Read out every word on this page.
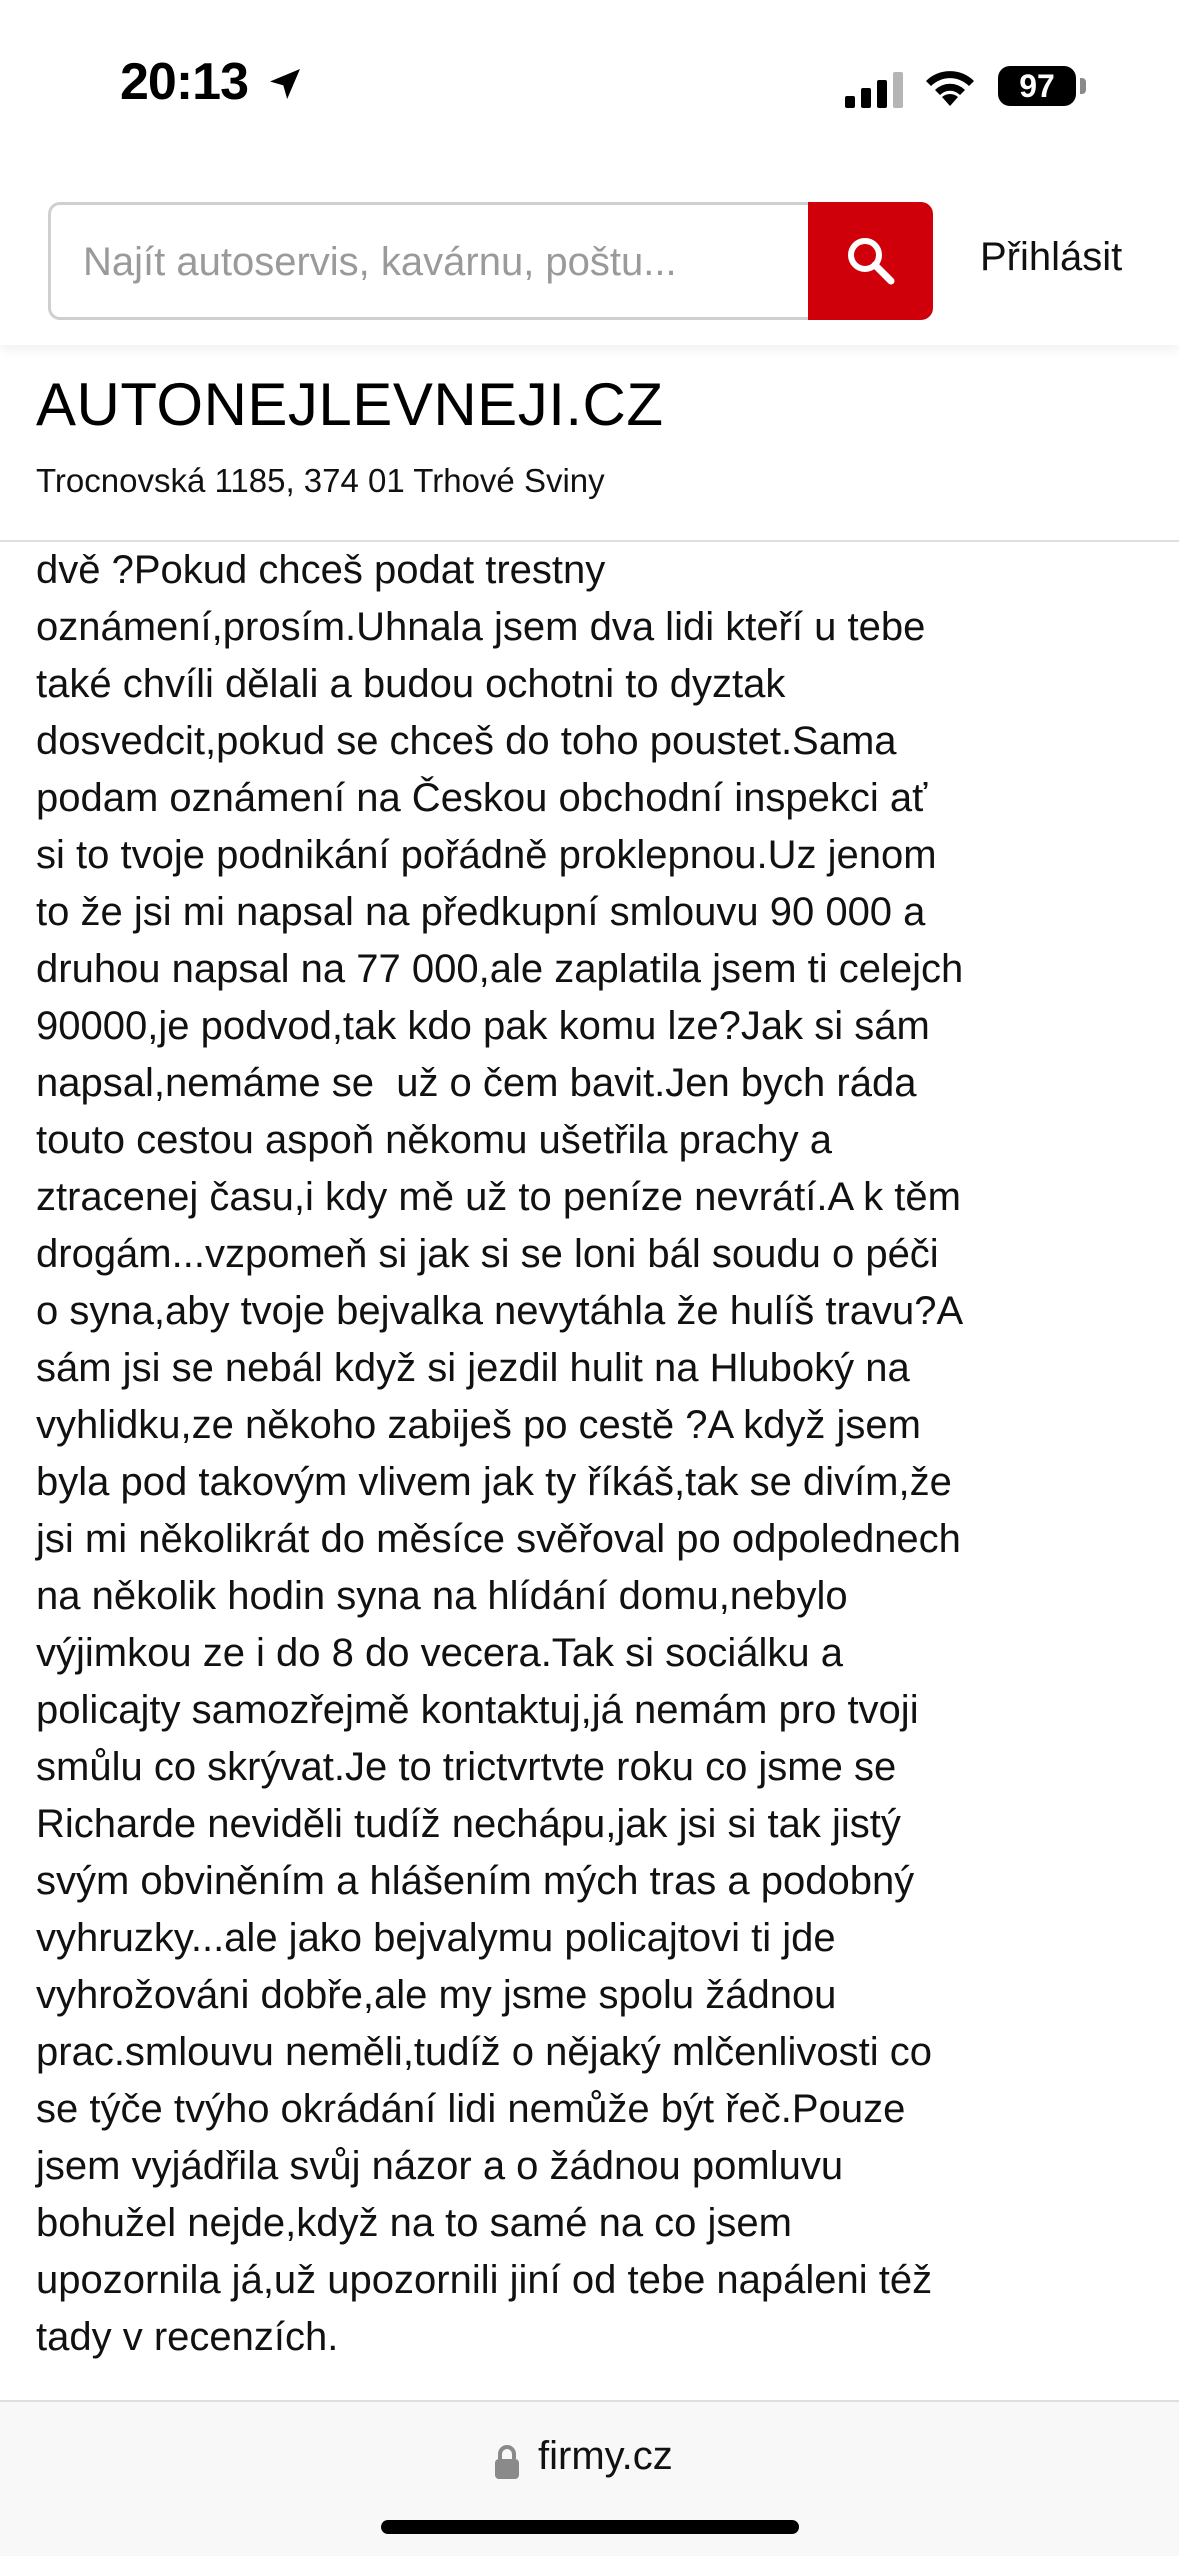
20:13	97
Najít autoservis, kavárnu, poštu...
Přihlásit
AUTONEJLEVNEJI.CZ
Trocnovská 1185, 374 01 Trhové Sviny
dvě ?Pokud chceš podat trestny
oznámení,prosím.Uhnala jsem dva lidi kteří u tebe
také chvíli dělali a budou ochotni to dyztak
dosvedcit,pokud se chceš do toho poustet.Sama
podam oznámení na Českou obchodní inspekci ať
si to tvoje podnikání pořádně proklepnou.Uz jenom
to že jsi mi napsal na předkupní smlouvu 90 000 a
druhou napsal na 77 000,ale zaplatila jsem ti celejch
90000,je podvod,tak kdo pak komu lze?Jak si sám
napsal,nemáme se  už o čem bavit.Jen bych ráda
touto cestou aspoň někomu ušetřila prachy a
ztracenej času,i kdy mě už to peníze nevrátí.A k těm
drogám...vzpomeň si jak si se loni bál soudu o péči
o syna,aby tvoje bejvalka nevytáhla že hulíš travu?A
sám jsi se nebál když si jezdil hulit na Hluboký na
vyhlidku,ze někoho zabiješ po cestě ?A když jsem
byla pod takovým vlivem jak ty říkáš,tak se divím,že
jsi mi několikrát do měsíce svěřoval po odpolednech
na několik hodin syna na hlídání domu,nebylo
výjimkou ze i do 8 do vecera.Tak si sociálku a
policajty samozřejmě kontaktuj,já nemám pro tvoji
smůlu co skrývat.Je to trictvrtvte roku co jsme se
Richarde neviděli tudíž nechápu,jak jsi si tak jistý
svým obviněním a hlášením mých tras a podobný
vyhruzky...ale jako bejvalymu policajtovi ti jde
vyhrožováni dobře,ale my jsme spolu žádnou
prac.smlouvu neměli,tudíž o nějaký mlčenlivosti co
se týče tvýho okrádání lidi nemůže být řeč.Pouze
jsem vyjádřila svůj názor a o žádnou pomluvu
bohužel nejde,když na to samé na co jsem
upozornila já,už upozornili jiní od tebe napáleni též
tady v recenzích.
firmy.cz
